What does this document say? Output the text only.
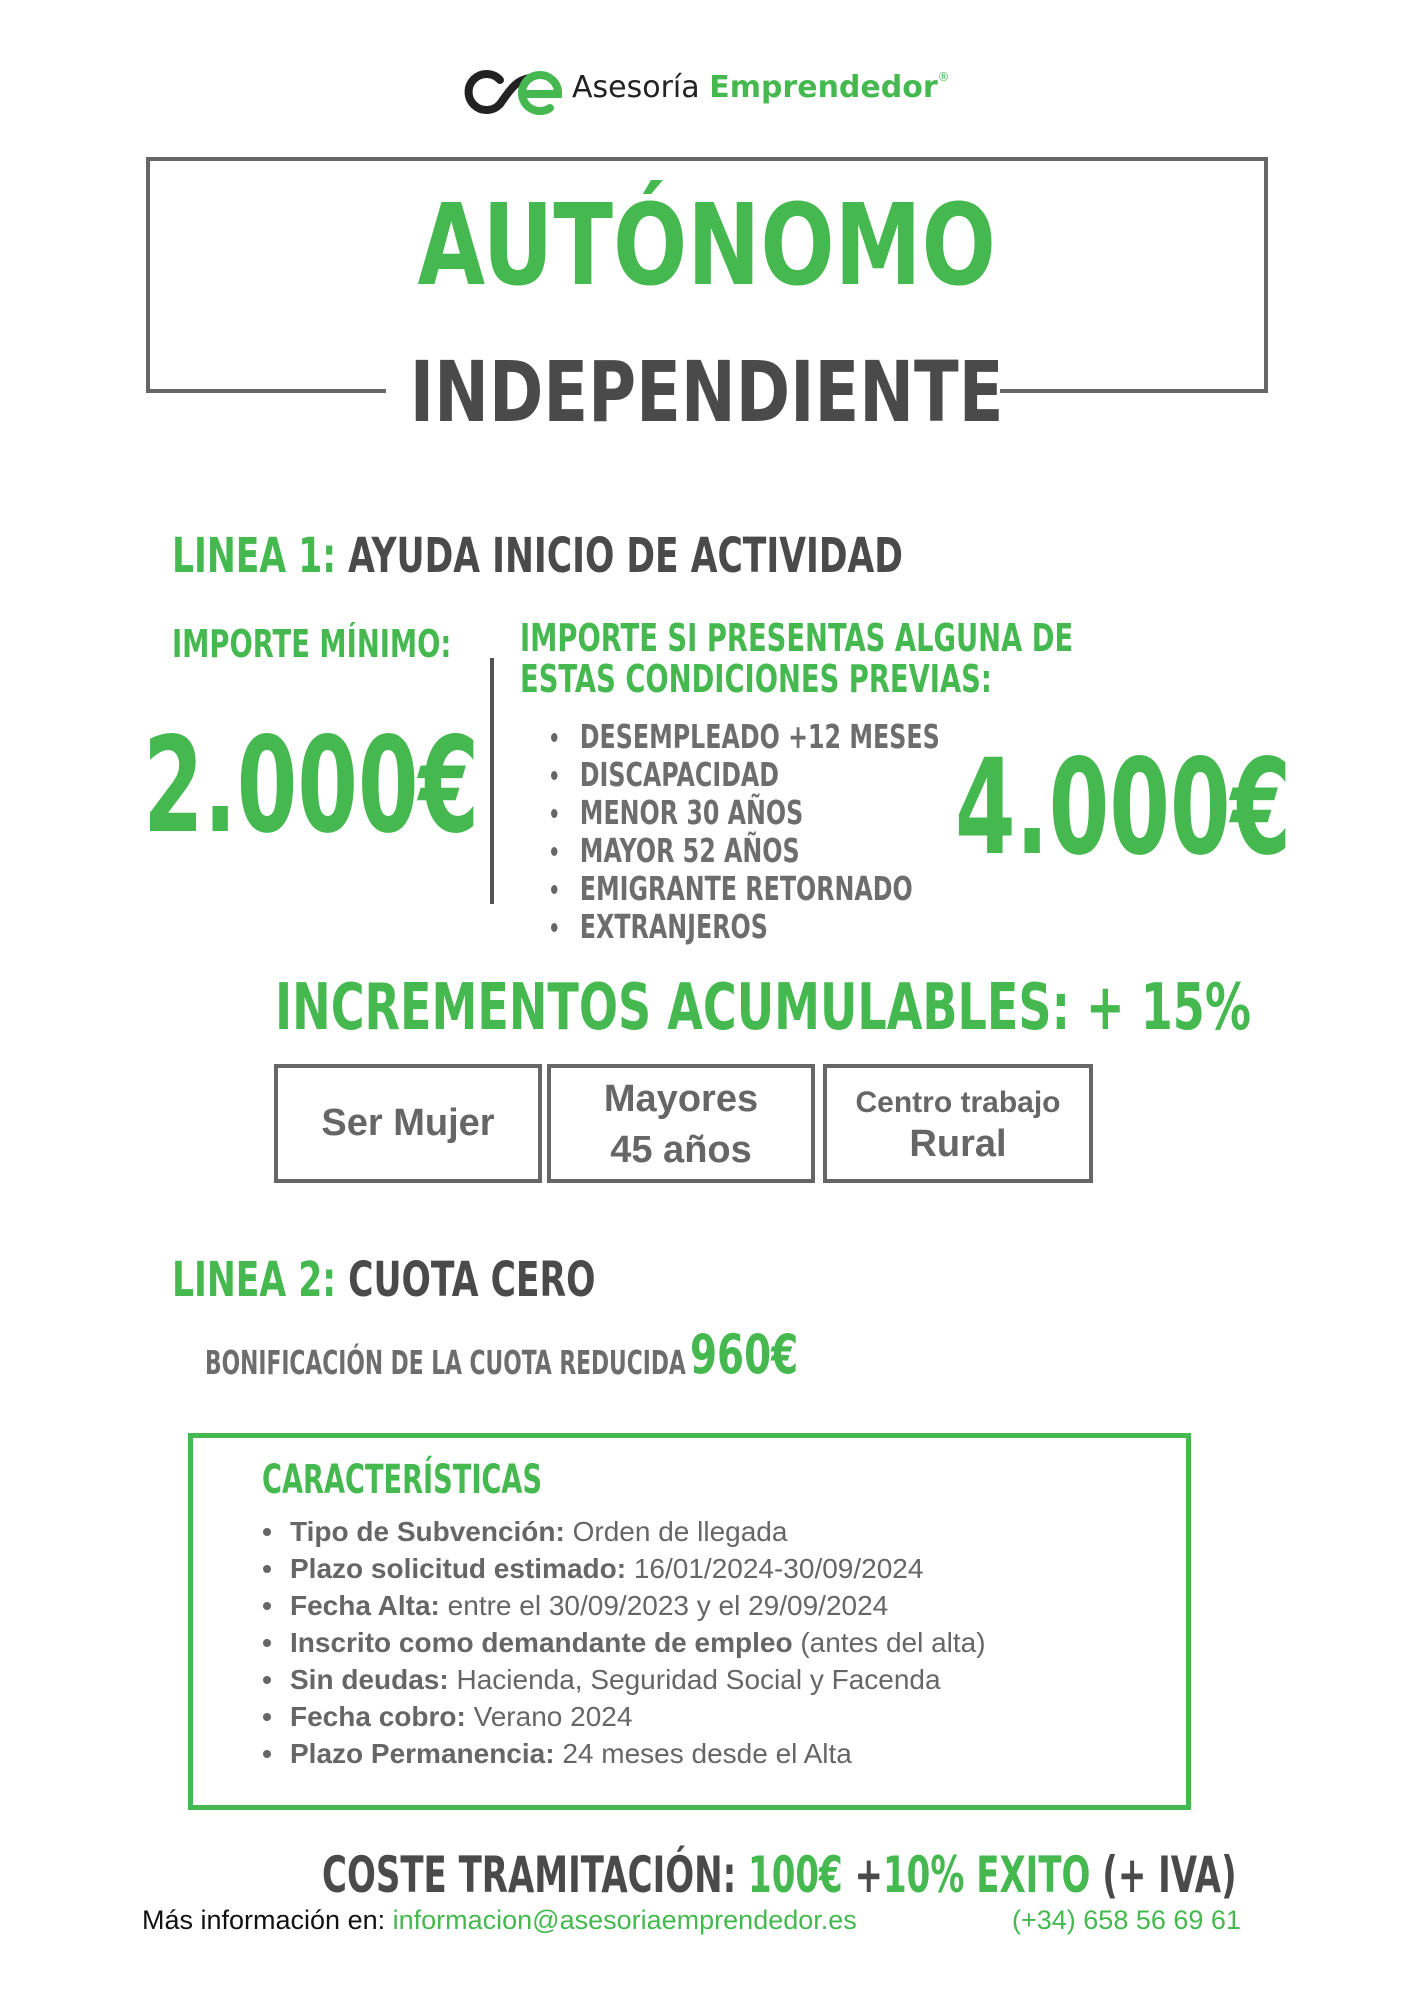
Asesoría Emprendedor®
AUTÓNOMO
INDEPENDIENTE
LINEA 1: AYUDA INICIO DE ACTIVIDAD
IMPORTE MÍNIMO:
2.000€
IMPORTE SI PRESENTAS ALGUNA DE
ESTAS CONDICIONES PREVIAS:
DESEMPLEADO +12 MESES
DISCAPACIDAD
MENOR 30 AÑOS
MAYOR 52 AÑOS
EMIGRANTE RETORNADO
EXTRANJEROS
4.000€
INCREMENTOS ACUMULABLES: + 15%
Ser Mujer
Mayores
45 años
Centro trabajo
Rural
LINEA 2: CUOTA CERO
BONIFICACIÓN DE LA CUOTA REDUCIDA 960€
CARACTERÍSTICAS
Tipo de Subvención: Orden de llegada
Plazo solicitud estimado: 16/01/2024-30/09/2024
Fecha Alta: entre el 30/09/2023 y el 29/09/2024
Inscrito como demandante de empleo (antes del alta)
Sin deudas: Hacienda, Seguridad Social y Facenda
Fecha cobro: Verano 2024
Plazo Permanencia: 24 meses desde el Alta
COSTE TRAMITACIÓN: 100€ +10% EXITO (+ IVA)
Más información en: informacion@asesoriaemprendedor.es	(+34) 658 56 69 61
